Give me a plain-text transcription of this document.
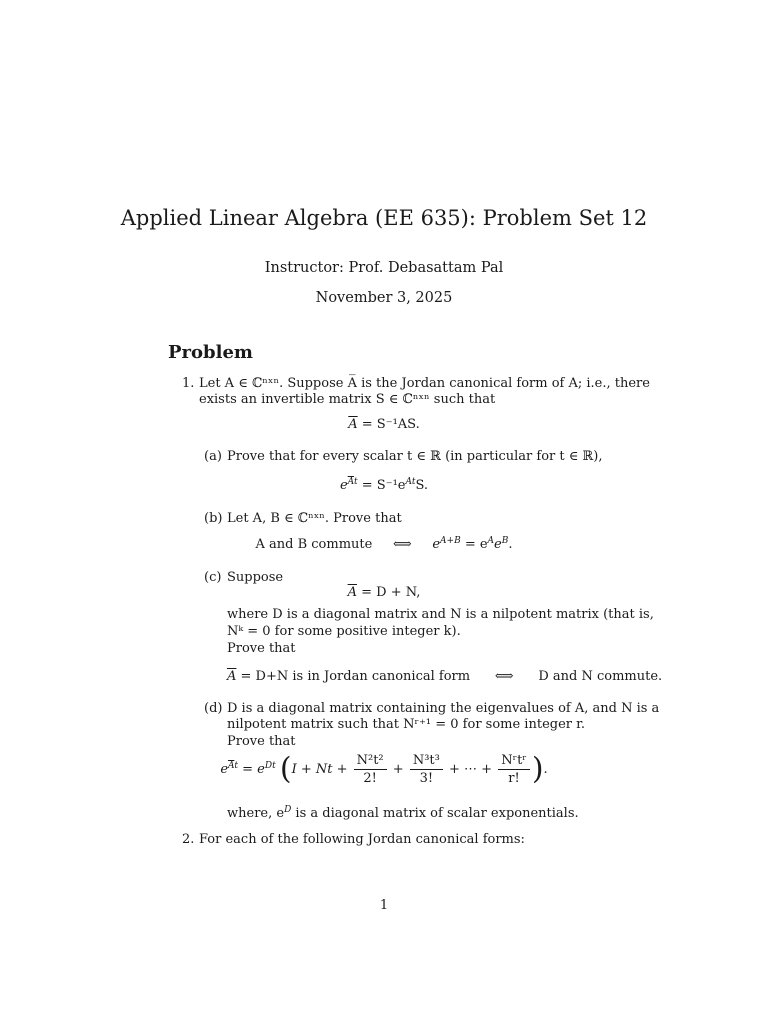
Applied Linear Algebra (EE 635): Problem Set 12
Instructor: Prof. Debasattam Pal
November 3, 2025
Problem
1. Let A ∈ ℂⁿˣⁿ. Suppose A̅ is the Jordan canonical form of A; i.e., there
exists an invertible matrix S ∈ ℂⁿˣⁿ such that
$\overline{A} = S^{-1}AS$.
(a) Prove that for every scalar t ∈ ℝ (in particular for t ∈ ℝ),
$e^{\overline{A}t} = S^{-1}e^{At}S$.
(b) Let A, B ∈ ℂⁿˣⁿ. Prove that
A and B commute ⟺ $e^{A+B} = e^Ae^B$.
(c) Suppose
$\overline{A} = D + N$,
where D is a diagonal matrix and N is a nilpotent matrix (that is,
Nᵏ = 0 for some positive integer k).
Prove that
$\overline{A} = D+N$ is in Jordan canonical form ⟺ D and N commute.
(d) D is a diagonal matrix containing the eigenvalues of A, and N is a
nilpotent matrix such that Nʳ⁺¹ = 0 for some integer r.
Prove that
$e^{\overline{A}t} = e^{Dt}$ ($I + Nt + \frac{\text{N²t²}}{2!} + \frac{\text{N³t³}}{3!}$ + ⋯ + $\frac{\text{Nʳtʳ}}{r!}$ ).
where, $e^D$ is a diagonal matrix of scalar exponentials.
2. For each of the following Jordan canonical forms:
1
